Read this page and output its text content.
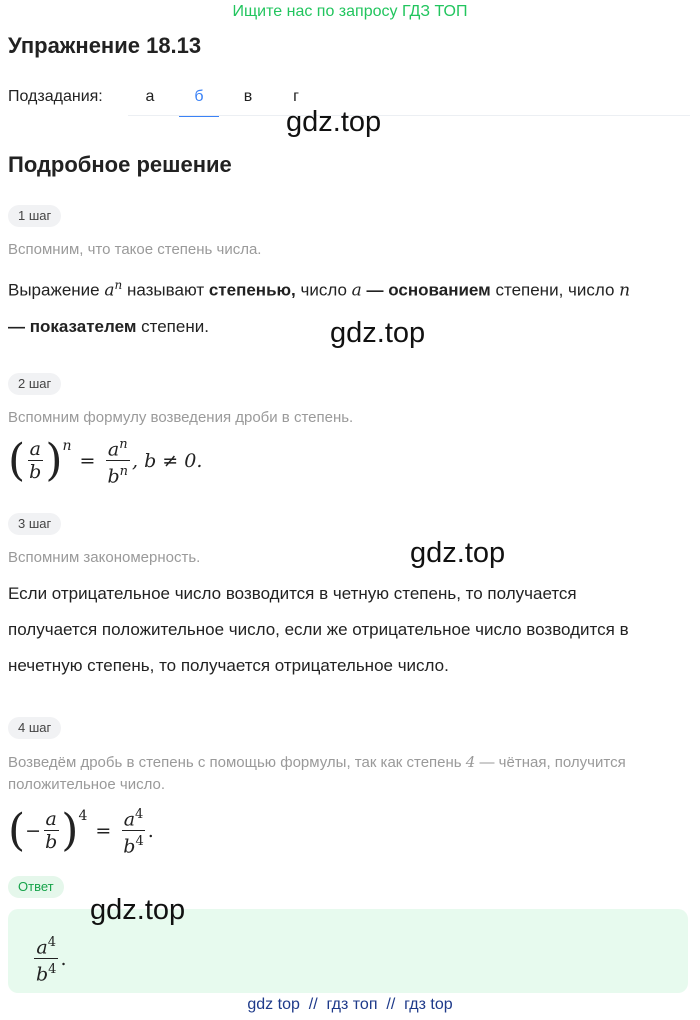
Ищите нас по запросу ГДЗ ТОП
Упражнение 18.13
Подзадания:	а	б	в	г
gdz.top
Подробное решение
1 шаг
Вспомним, что такое степень числа.
Выражение $a^n$ называют степенью, число a — основанием степени, число n
— показателем степени.	gdz.top
2 шаг
Вспомним формулу возведения дроби в степень.
( $\frac{a}{b}$ ) n
= $\frac{a^n}{b^n}$ , b ≠ 0.
3 шаг
Вспомним закономерность.	gdz.top
Если отрицательное число возводится в четную степень, то получается
получается положительное число, если же отрицательное число возводится в
нечетную степень, то получается отрицательное число.
4 шаг
Возведём дробь в степень с помощью формулы, так как степень 4 — чётная, получится
положительное число.
( − $\frac{a}{b}$ ) 4
= $\frac{a^4}{b^4}$ .
Ответ
gdz.top
$\frac{a^4}{b^4}$ .
gdz top  //  гдз топ  //  гдз top
